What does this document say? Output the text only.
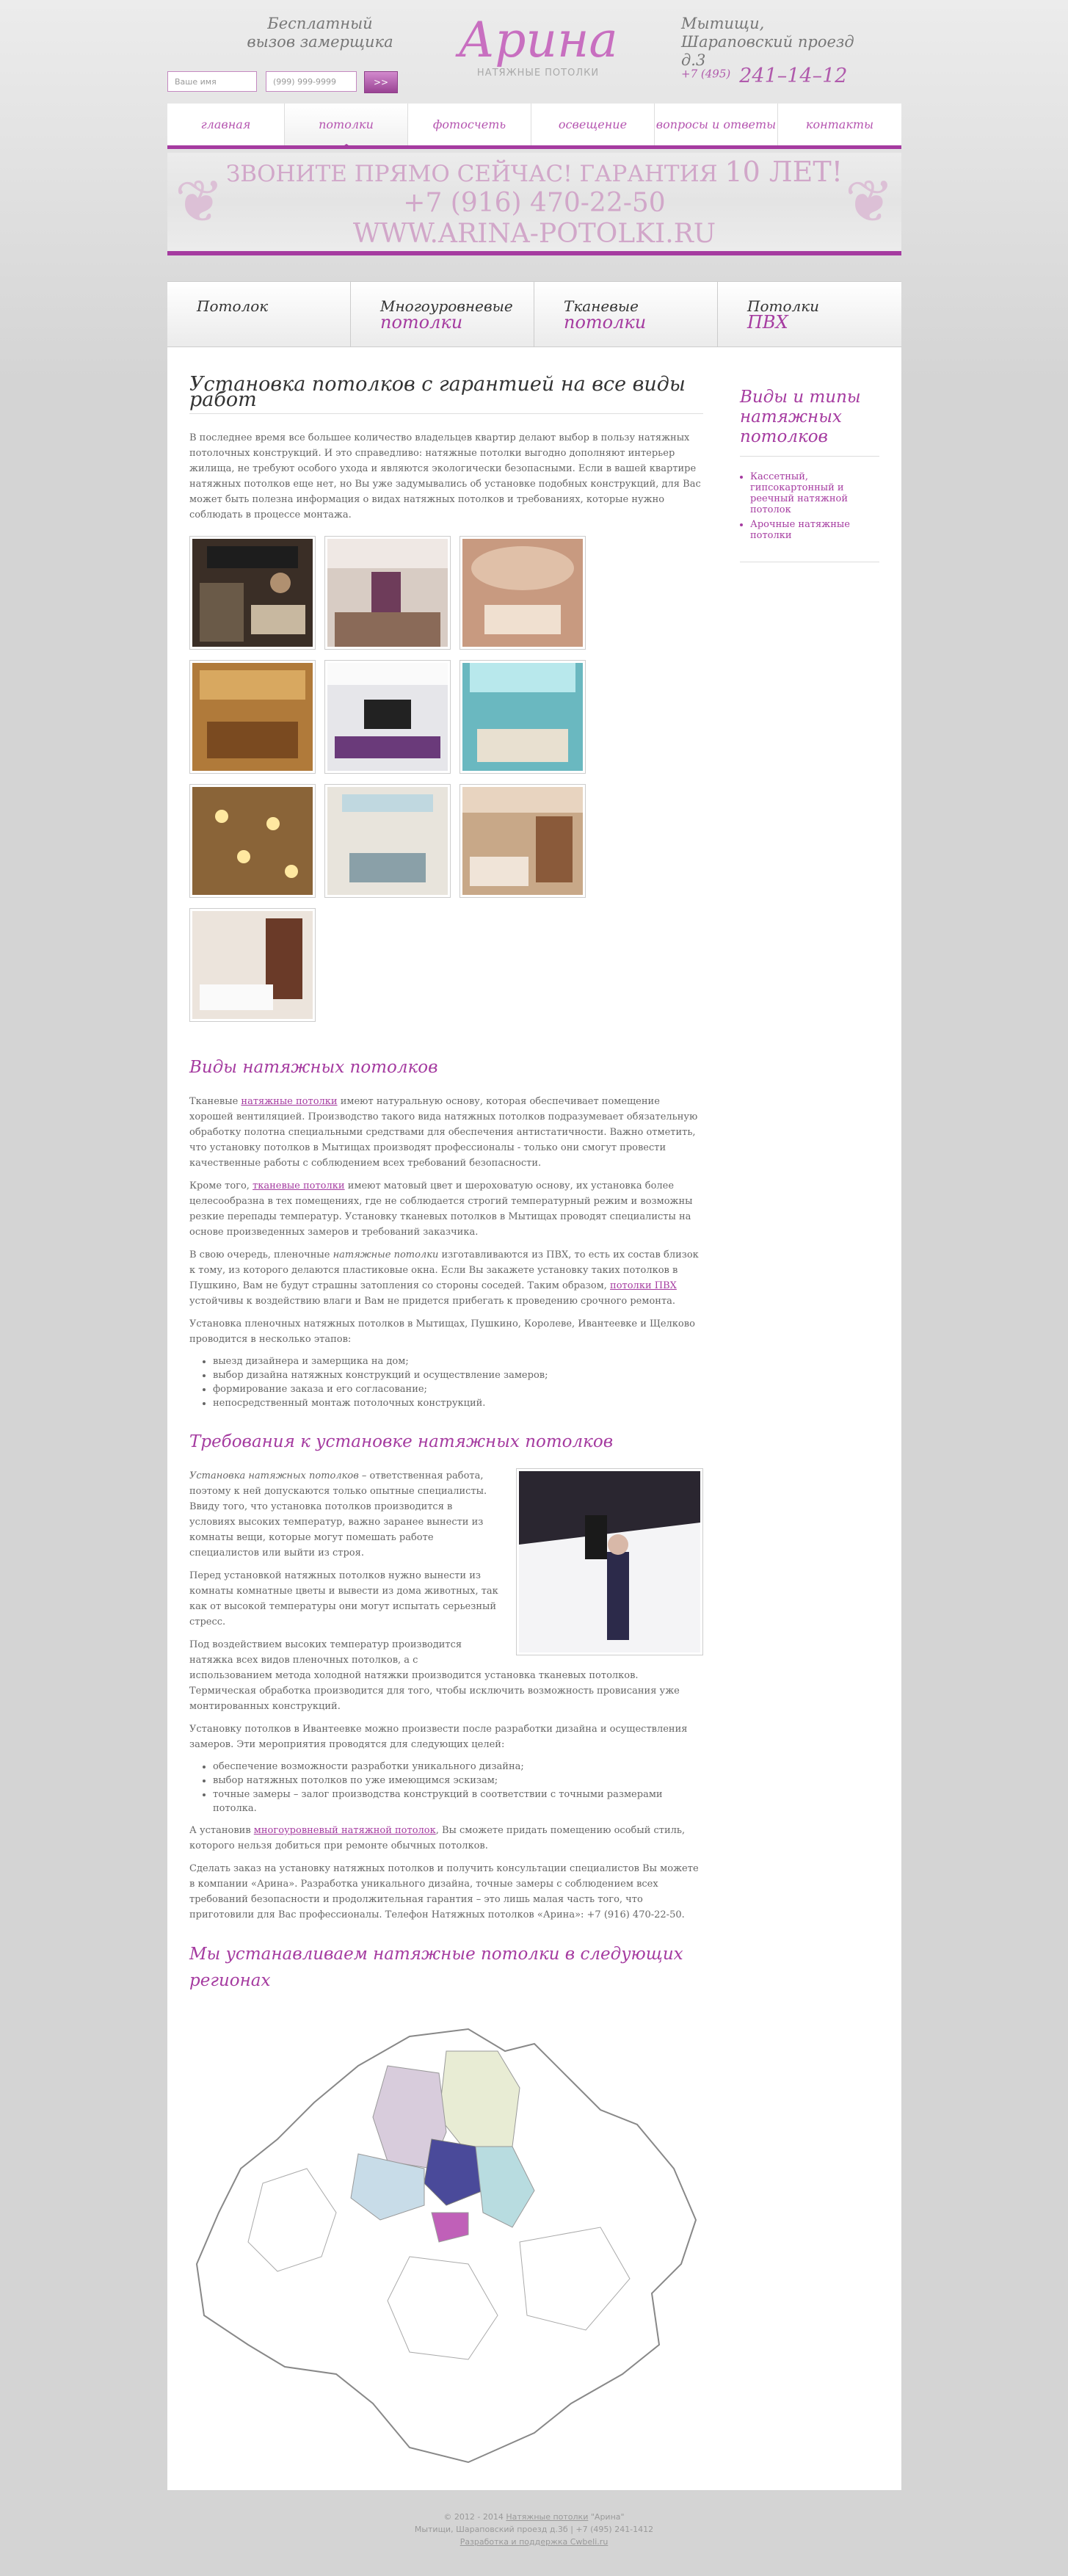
Бесплатный вызов замерщика Арина
НАТЯЖНЫЕ ПОТОЛКИ
Мытищи, Шараповский проезд д.3
+7 (495) 241–14–12
Ваше имя	(999) 999-9999	>>
главная	потолки	фотосчеть	освещение	вопросы и ответы	контакты
❦	❦
ЗВОНИТЕ ПРЯМО СЕЙЧАС! ГАРАНТИЯ 10 ЛЕТ!
+7 (916) 470-22-50
WWW.ARINA-POTOLKI.RU
Потолок	Многоуровневые
потолки
Тканевые
потолки
Потолки
ПВХ
Установка потолков с гарантией на все виды работ

В последнее время все большее количество владельцев квартир делают выбор в пользу натяжных потолочных конструкций. И это справедливо: натяжные потолки выгодно дополняют интерьер жилища, не требуют особого ухода и являются экологически безопасными. Если в вашей квартире натяжных потолков еще нет, но Вы уже задумывались об установке подобных конструкций, для Вас может быть полезна информация о видах натяжных потолков и требованиях, которые нужно соблюдать в процессе монтажа.

Виды натяжных потолков

Тканевые натяжные потолки имеют натуральную основу, которая обеспечивает помещение хорошей вентиляцией. Производство такого вида натяжных потолков подразумевает обязательную обработку полотна специальными средствами для обеспечения антистатичности. Важно отметить, что установку потолков в Мытищах производят профессионалы - только они смогут провести качественные работы с соблюдением всех требований безопасности.

Кроме того, тканевые потолки имеют матовый цвет и шероховатую основу, их установка более целесообразна в тех помещениях, где не соблюдается строгий температурный режим и возможны резкие перепады температур. Установку тканевых потолков в Мытищах проводят специалисты на основе произведенных замеров и требований заказчика.

В свою очередь, пленочные натяжные потолки изготавливаются из ПВХ, то есть их состав близок к тому, из которого делаются пластиковые окна. Если Вы закажете установку таких потолков в Пушкино, Вам не будут страшны затопления со стороны соседей. Таким образом, потолки ПВХ устойчивы к воздействию влаги и Вам не придется прибегать к проведению срочного ремонта.

Установка пленочных натяжных потолков в Мытищах, Пушкино, Королеве, Ивантеевке и Щелково проводится в несколько этапов:

• выезд дизайнера и замерщика на дом;
• выбор дизайна натяжных конструкций и осуществление замеров;
• формирование заказа и его согласование;
• непосредственный монтаж потолочных конструкций.
Требования к установке натяжных потолков

Установка натяжных потолков – ответственная работа, поэтому к ней допускаются только опытные специалисты. Ввиду того, что установка потолков производится в условиях высоких температур, важно заранее вынести из комнаты вещи, которые могут помешать работе специалистов или выйти из строя.

Перед установкой натяжных потолков нужно вынести из комнаты комнатные цветы и вывести из дома животных, так как от высокой температуры они могут испытать серьезный стресс.

Под воздействием высоких температур производится натяжка всех видов пленочных потолков, а с использованием метода холодной натяжки производится установка тканевых потолков. Термическая обработка производится для того, чтобы исключить возможность провисания уже монтированных конструкций.

Установку потолков в Ивантеевке можно произвести после разработки дизайна и осуществления замеров. Эти мероприятия проводятся для следующих целей:

• обеспечение возможности разработки уникального дизайна;
• выбор натяжных потолков по уже имеющимся эскизам;
• точные замеры – залог производства конструкций в соответствии с точными размерами потолка.

А установив многоуровневый натяжной потолок, Вы сможете придать помещению особый стиль, которого нельзя добиться при ремонте обычных потолков.

Сделать заказ на установку натяжных потолков и получить консультации специалистов Вы можете в компании «Арина». Разработка уникального дизайна, точные замеры с соблюдением всех требований безопасности и продолжительная гарантия – это лишь малая часть того, что приготовили для Вас профессионалы. Телефон Натяжных потолков «Арина»: +7 (916) 470-22-50.

Мы устанавливаем натяжные потолки в следующих регионах
Виды и типы натяжных потолков
• Кассетный, гипсокартонный и реечный натяжной потолок
• Арочные натяжные потолки
© 2012 - 2014 Натяжные потолки "Арина"
Мытищи, Шараповский проезд д.3б | +7 (495) 241-1412
Разработка и поддержка Cwbeli.ru
